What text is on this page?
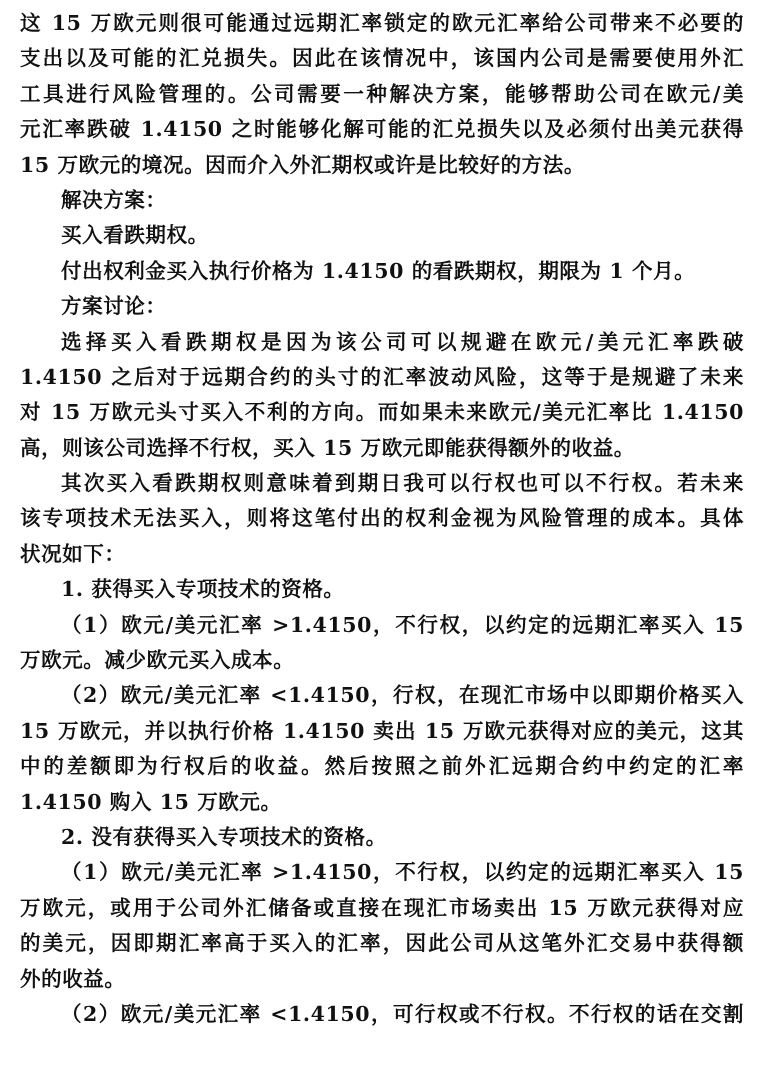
这 15 万欧元则很可能通过远期汇率锁定的欧元汇率给公司带来不必要的
支出以及可能的汇兑损失。因此在该情况中，该国内公司是需要使用外汇
工具进行风险管理的。公司需要一种解决方案，能够帮助公司在欧元/美
元汇率跌破 1.4150 之时能够化解可能的汇兑损失以及必须付出美元获得
15 万欧元的境况。因而介入外汇期权或许是比较好的方法。
解决方案：
买入看跌期权。
付出权利金买入执行价格为 1.4150 的看跌期权，期限为 1 个月。
方案讨论：
选择买入看跌期权是因为该公司可以规避在欧元/美元汇率跌破
1.4150 之后对于远期合约的头寸的汇率波动风险，这等于是规避了未来
对 15 万欧元头寸买入不利的方向。而如果未来欧元/美元汇率比 1.4150
高，则该公司选择不行权，买入 15 万欧元即能获得额外的收益。
其次买入看跌期权则意味着到期日我可以行权也可以不行权。若未来
该专项技术无法买入，则将这笔付出的权利金视为风险管理的成本。具体
状况如下：
1. 获得买入专项技术的资格。
（1）欧元/美元汇率 >1.4150，不行权，以约定的远期汇率买入 15
万欧元。减少欧元买入成本。
（2）欧元/美元汇率 <1.4150，行权，在现汇市场中以即期价格买入
15 万欧元，并以执行价格 1.4150 卖出 15 万欧元获得对应的美元，这其
中的差额即为行权后的收益。然后按照之前外汇远期合约中约定的汇率
1.4150 购入 15 万欧元。
2. 没有获得买入专项技术的资格。
（1）欧元/美元汇率 >1.4150，不行权，以约定的远期汇率买入 15
万欧元，或用于公司外汇储备或直接在现汇市场卖出 15 万欧元获得对应
的美元，因即期汇率高于买入的汇率，因此公司从这笔外汇交易中获得额
外的收益。
（2）欧元/美元汇率 <1.4150，可行权或不行权。不行权的话在交割
